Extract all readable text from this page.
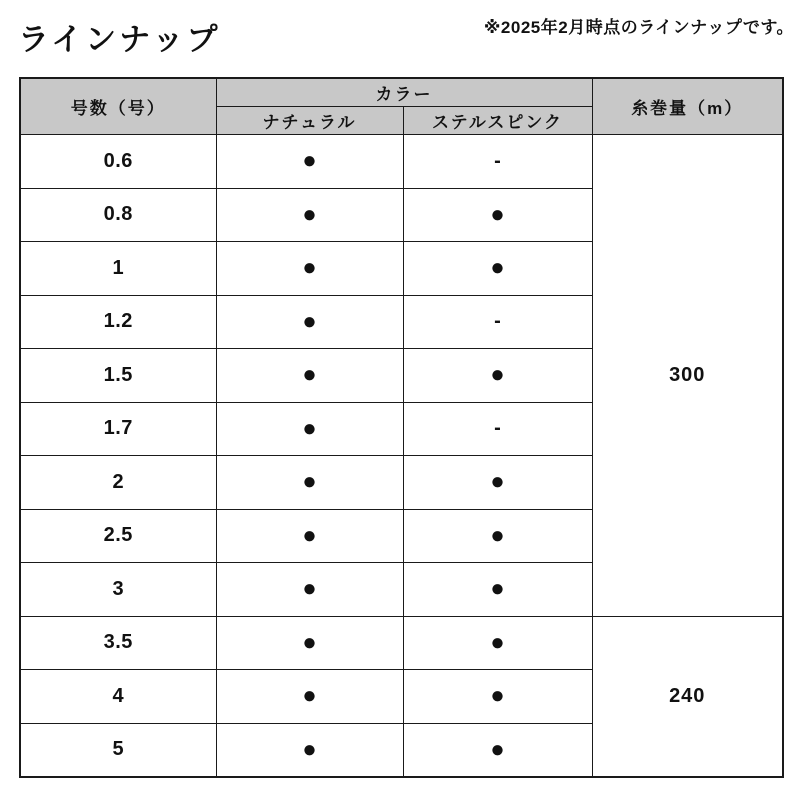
ラインナップ	※2025年2月時点のラインナップです。
号数（号）	カラー		糸巻量（m）
	ナチュラル	ステルスピンク	
0.6	●	-	300
0.8	●	●	
1	●	●	
1.2	●	-	
1.5	●	●	
1.7	●	-	
2	●	●	
2.5	●	●	
3	●	●	
3.5	●	●	240
4	●	●	
5	●	●	
